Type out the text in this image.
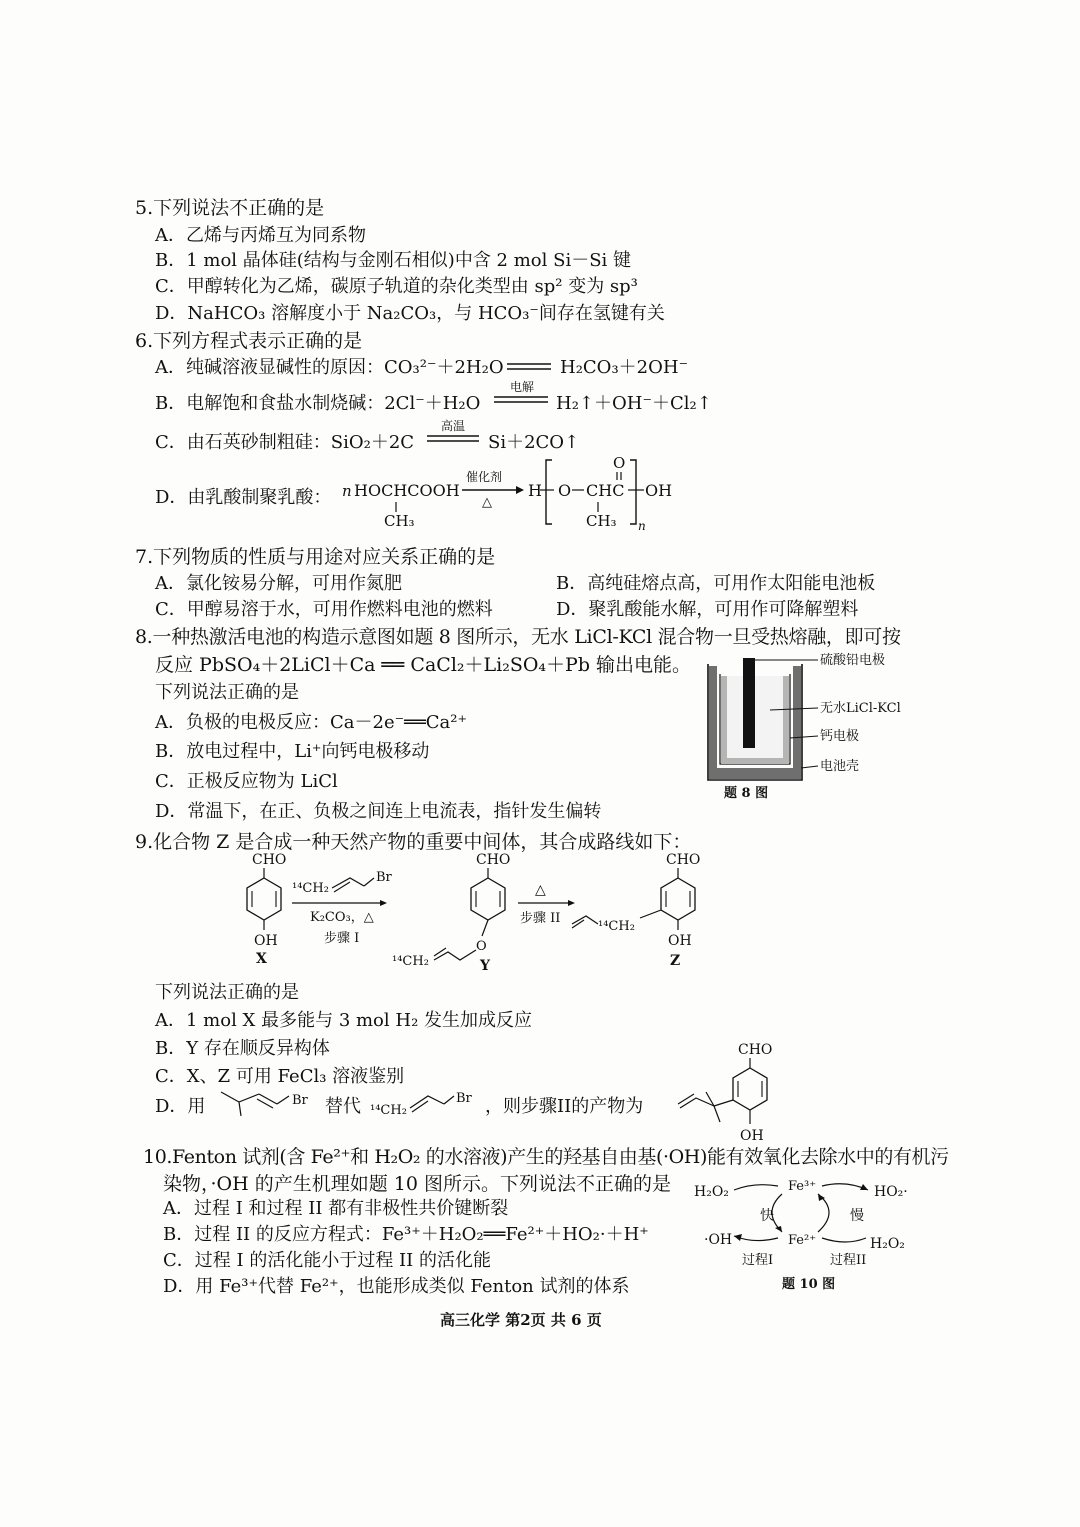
5.下列说法不正确的是
A．乙烯与丙烯互为同系物
B．1 mol 晶体硅(结构与金刚石相似)中含 2 mol Si－Si 键
C．甲醇转化为乙烯，碳原子轨道的杂化类型由 sp² 变为 sp³
D．NaHCO₃ 溶解度小于 Na₂CO₃，与 HCO₃⁻间存在氢键有关
6.下列方程式表示正确的是
A．纯碱溶液显碱性的原因：CO₃²⁻＋2H₂O	H₂CO₃＋2OH⁻
B．电解饱和食盐水制烧碱：2Cl⁻＋H₂O
电解
H₂↑＋OH⁻＋Cl₂↑
C．由石英砂制粗硅：SiO₂＋2C
高温
Si＋2CO↑
D．由乳酸制聚乳酸： n HOCHCOOH
CH₃
催化剂
△
H O CHC
O
CH₃
OH
n
7.下列物质的性质与用途对应关系正确的是
A．氯化铵易分解，可用作氮肥	B．高纯硅熔点高，可用作太阳能电池板
C．甲醇易溶于水，可用作燃料电池的燃料	D．聚乳酸能水解，可用作可降解塑料
8.一种热激活电池的构造示意图如题 8 图所示，无水 LiCl-KCl 混合物一旦受热熔融，即可按
反应 PbSO₄＋2LiCl＋Ca ══ CaCl₂＋Li₂SO₄＋Pb 输出电能。
下列说法正确的是
A．负极的电极反应：Ca－2e⁻══Ca²⁺
B．放电过程中，Li⁺向钙电极移动
C．正极反应物为 LiCl
D．常温下，在正、负极之间连上电流表，指针发生偏转
硫酸铅电极
无水LiCl-KCl
钙电极
电池壳
题 8 图
9.化合物 Z 是合成一种天然产物的重要中间体，其合成路线如下：
CHO
OH
X
¹⁴CH₂
Br
K₂CO₃，△
步骤 I
CHO
O
¹⁴CH₂	Y
△
步骤 II
CHO
OH
¹⁴CH₂
Z
下列说法正确的是
A．1 mol X 最多能与 3 mol H₂ 发生加成反应
B．Y 存在顺反异构体
C．X、Z 可用 FeCl₃ 溶液鉴别
D．用	Br 替代 ¹⁴CH₂
Br ，则步骤II的产物为
CHO
OH
10.Fenton 试剂(含 Fe²⁺和 H₂O₂ 的水溶液)产生的羟基自由基(·OH)能有效氧化去除水中的有机污
染物，·OH 的产生机理如题 10 图所示。下列说法不正确的是
A．过程 I 和过程 II 都有非极性共价键断裂
B．过程 II 的反应方程式：Fe³⁺＋H₂O₂══Fe²⁺＋HO₂·＋H⁺
C．过程 I 的活化能小于过程 II 的活化能
D．用 Fe³⁺代替 Fe²⁺，也能形成类似 Fenton 试剂的体系
H₂O₂
·OH
Fe³⁺
Fe²⁺
快	慢
HO₂·
H₂O₂
过程I	过程II
题 10 图
高三化学 第2页 共 6 页
